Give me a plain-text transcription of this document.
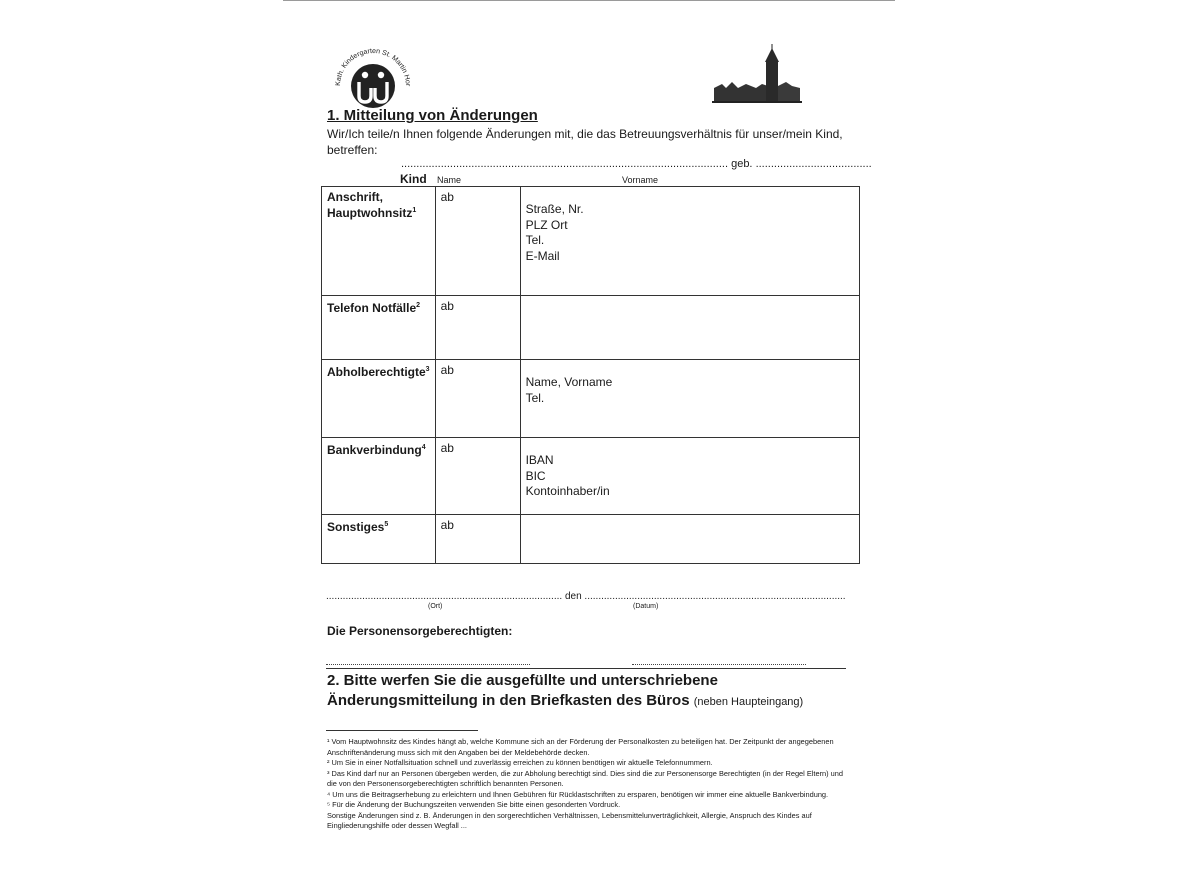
Kath. Kindergarten St. Martin Hor
1. Mitteilung von Änderungen
Wir/Ich teile/n Ihnen folgende Änderungen mit, die das Betreuungsverhältnis für unser/mein Kind, betreffen:
........................................................................................................... geb. ......................................
Kind Name	Vorname
Anschrift, Hauptwohnsitz$^1$	ab	Straße, Nr.
PLZ Ort
Tel.
E-Mail

Telefon Notfälle$^2$	ab	
Abholberechtigte$^3$	ab	Name, Vorname
Tel.

Bankverbindung$^4$	ab	IBAN
BIC
Kontoinhaber/in

Sonstiges$^5$	ab	
..................................................................................... den ..............................................................................................
(Ort)	(Datum)
Die Personensorgeberechtigten:
2. Bitte werfen Sie die ausgefüllte und unterschriebene Änderungsmitteilung in den Briefkasten des Büros (neben Haupteingang)

¹ Vom Hauptwohnsitz des Kindes hängt ab, welche Kommune sich an der Förderung der Personalkosten zu beteiligen hat. Der Zeitpunkt der angegebenen Anschriftenänderung muss sich mit den Angaben bei der Meldebehörde decken.

² Um Sie in einer Notfallsituation schnell und zuverlässig erreichen zu können benötigen wir aktuelle Telefonnummern.

³ Das Kind darf nur an Personen übergeben werden, die zur Abholung berechtigt sind. Dies sind die zur Personensorge Berechtigten (in der Regel Eltern) und die von den Personensorgeberechtigten schriftlich benannten Personen.

⁴ Um uns die Beitragserhebung zu erleichtern und Ihnen Gebühren für Rücklastschriften zu ersparen, benötigen wir immer eine aktuelle Bankverbindung.

⁵ Für die Änderung der Buchungszeiten verwenden Sie bitte einen gesonderten Vordruck.

Sonstige Änderungen sind z. B. Änderungen in den sorgerechtlichen Verhältnissen, Lebensmittelunverträglichkeit, Allergie, Anspruch des Kindes auf Eingliederungshilfe oder dessen Wegfall ...
